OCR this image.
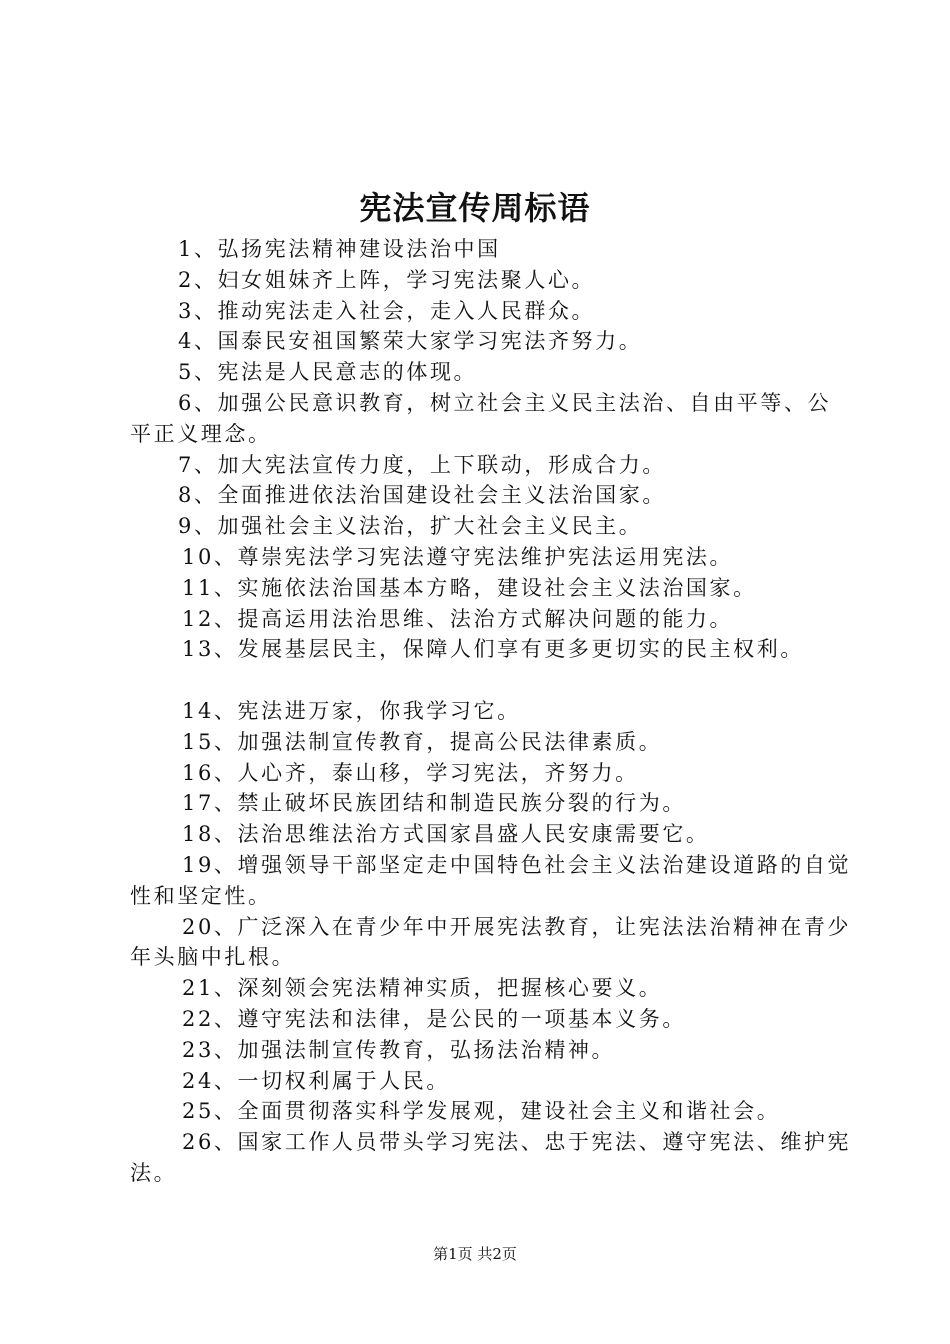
宪法宣传周标语

1、弘扬宪法精神建设法治中国

2、妇女姐妹齐上阵，学习宪法聚人心。

3、推动宪法走入社会，走入人民群众。

4、国泰民安祖国繁荣大家学习宪法齐努力。

5、宪法是人民意志的体现。

6、加强公民意识教育，树立社会主义民主法治、自由平等、公平正义理念。

7、加大宪法宣传力度，上下联动，形成合力。

8、全面推进依法治国建设社会主义法治国家。

9、加强社会主义法治，扩大社会主义民主。

10、尊崇宪法学习宪法遵守宪法维护宪法运用宪法。

11、实施依法治国基本方略，建设社会主义法治国家。

12、提高运用法治思维、法治方式解决问题的能力。

13、发展基层民主，保障人们享有更多更切实的民主权利。

14、宪法进万家，你我学习它。

15、加强法制宣传教育，提高公民法律素质。

16、人心齐，泰山移，学习宪法，齐努力。

17、禁止破坏民族团结和制造民族分裂的行为。

18、法治思维法治方式国家昌盛人民安康需要它。

19、增强领导干部坚定走中国特色社会主义法治建设道路的自觉性和坚定性。

20、广泛深入在青少年中开展宪法教育，让宪法法治精神在青少年头脑中扎根。

21、深刻领会宪法精神实质，把握核心要义。

22、遵守宪法和法律，是公民的一项基本义务。

23、加强法制宣传教育，弘扬法治精神。

24、一切权利属于人民。

25、全面贯彻落实科学发展观，建设社会主义和谐社会。

26、国家工作人员带头学习宪法、忠于宪法、遵守宪法、维护宪法。

第1页 共2页
